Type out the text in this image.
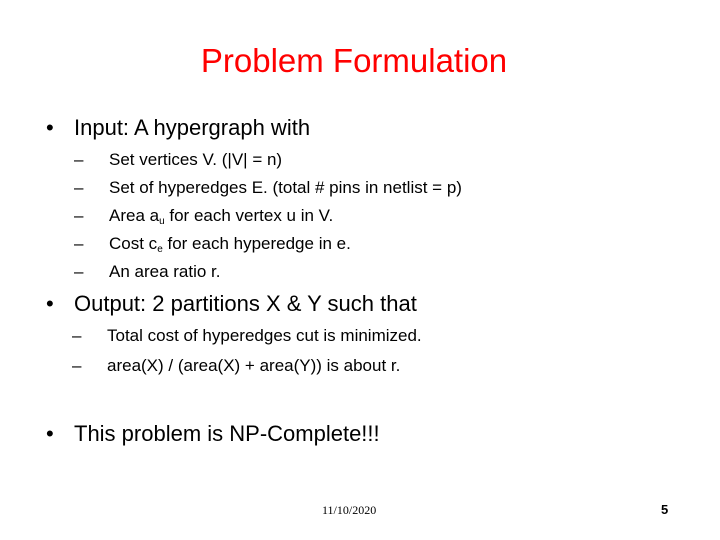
Problem Formulation
• Input: A hypergraph with
– Set vertices V. (|V| = n)
– Set of hyperedges E. (total # pins in netlist = p)
– Area $a_u$ for each vertex u in V.
– Cost $c_e$ for each hyperedge in e.
– An area ratio r.
• Output: 2 partitions X & Y such that
– Total cost of hyperedges cut is minimized.
– area(X) / (area(X) + area(Y)) is about r.
• This problem is NP-Complete!!!
11/10/2020	5
